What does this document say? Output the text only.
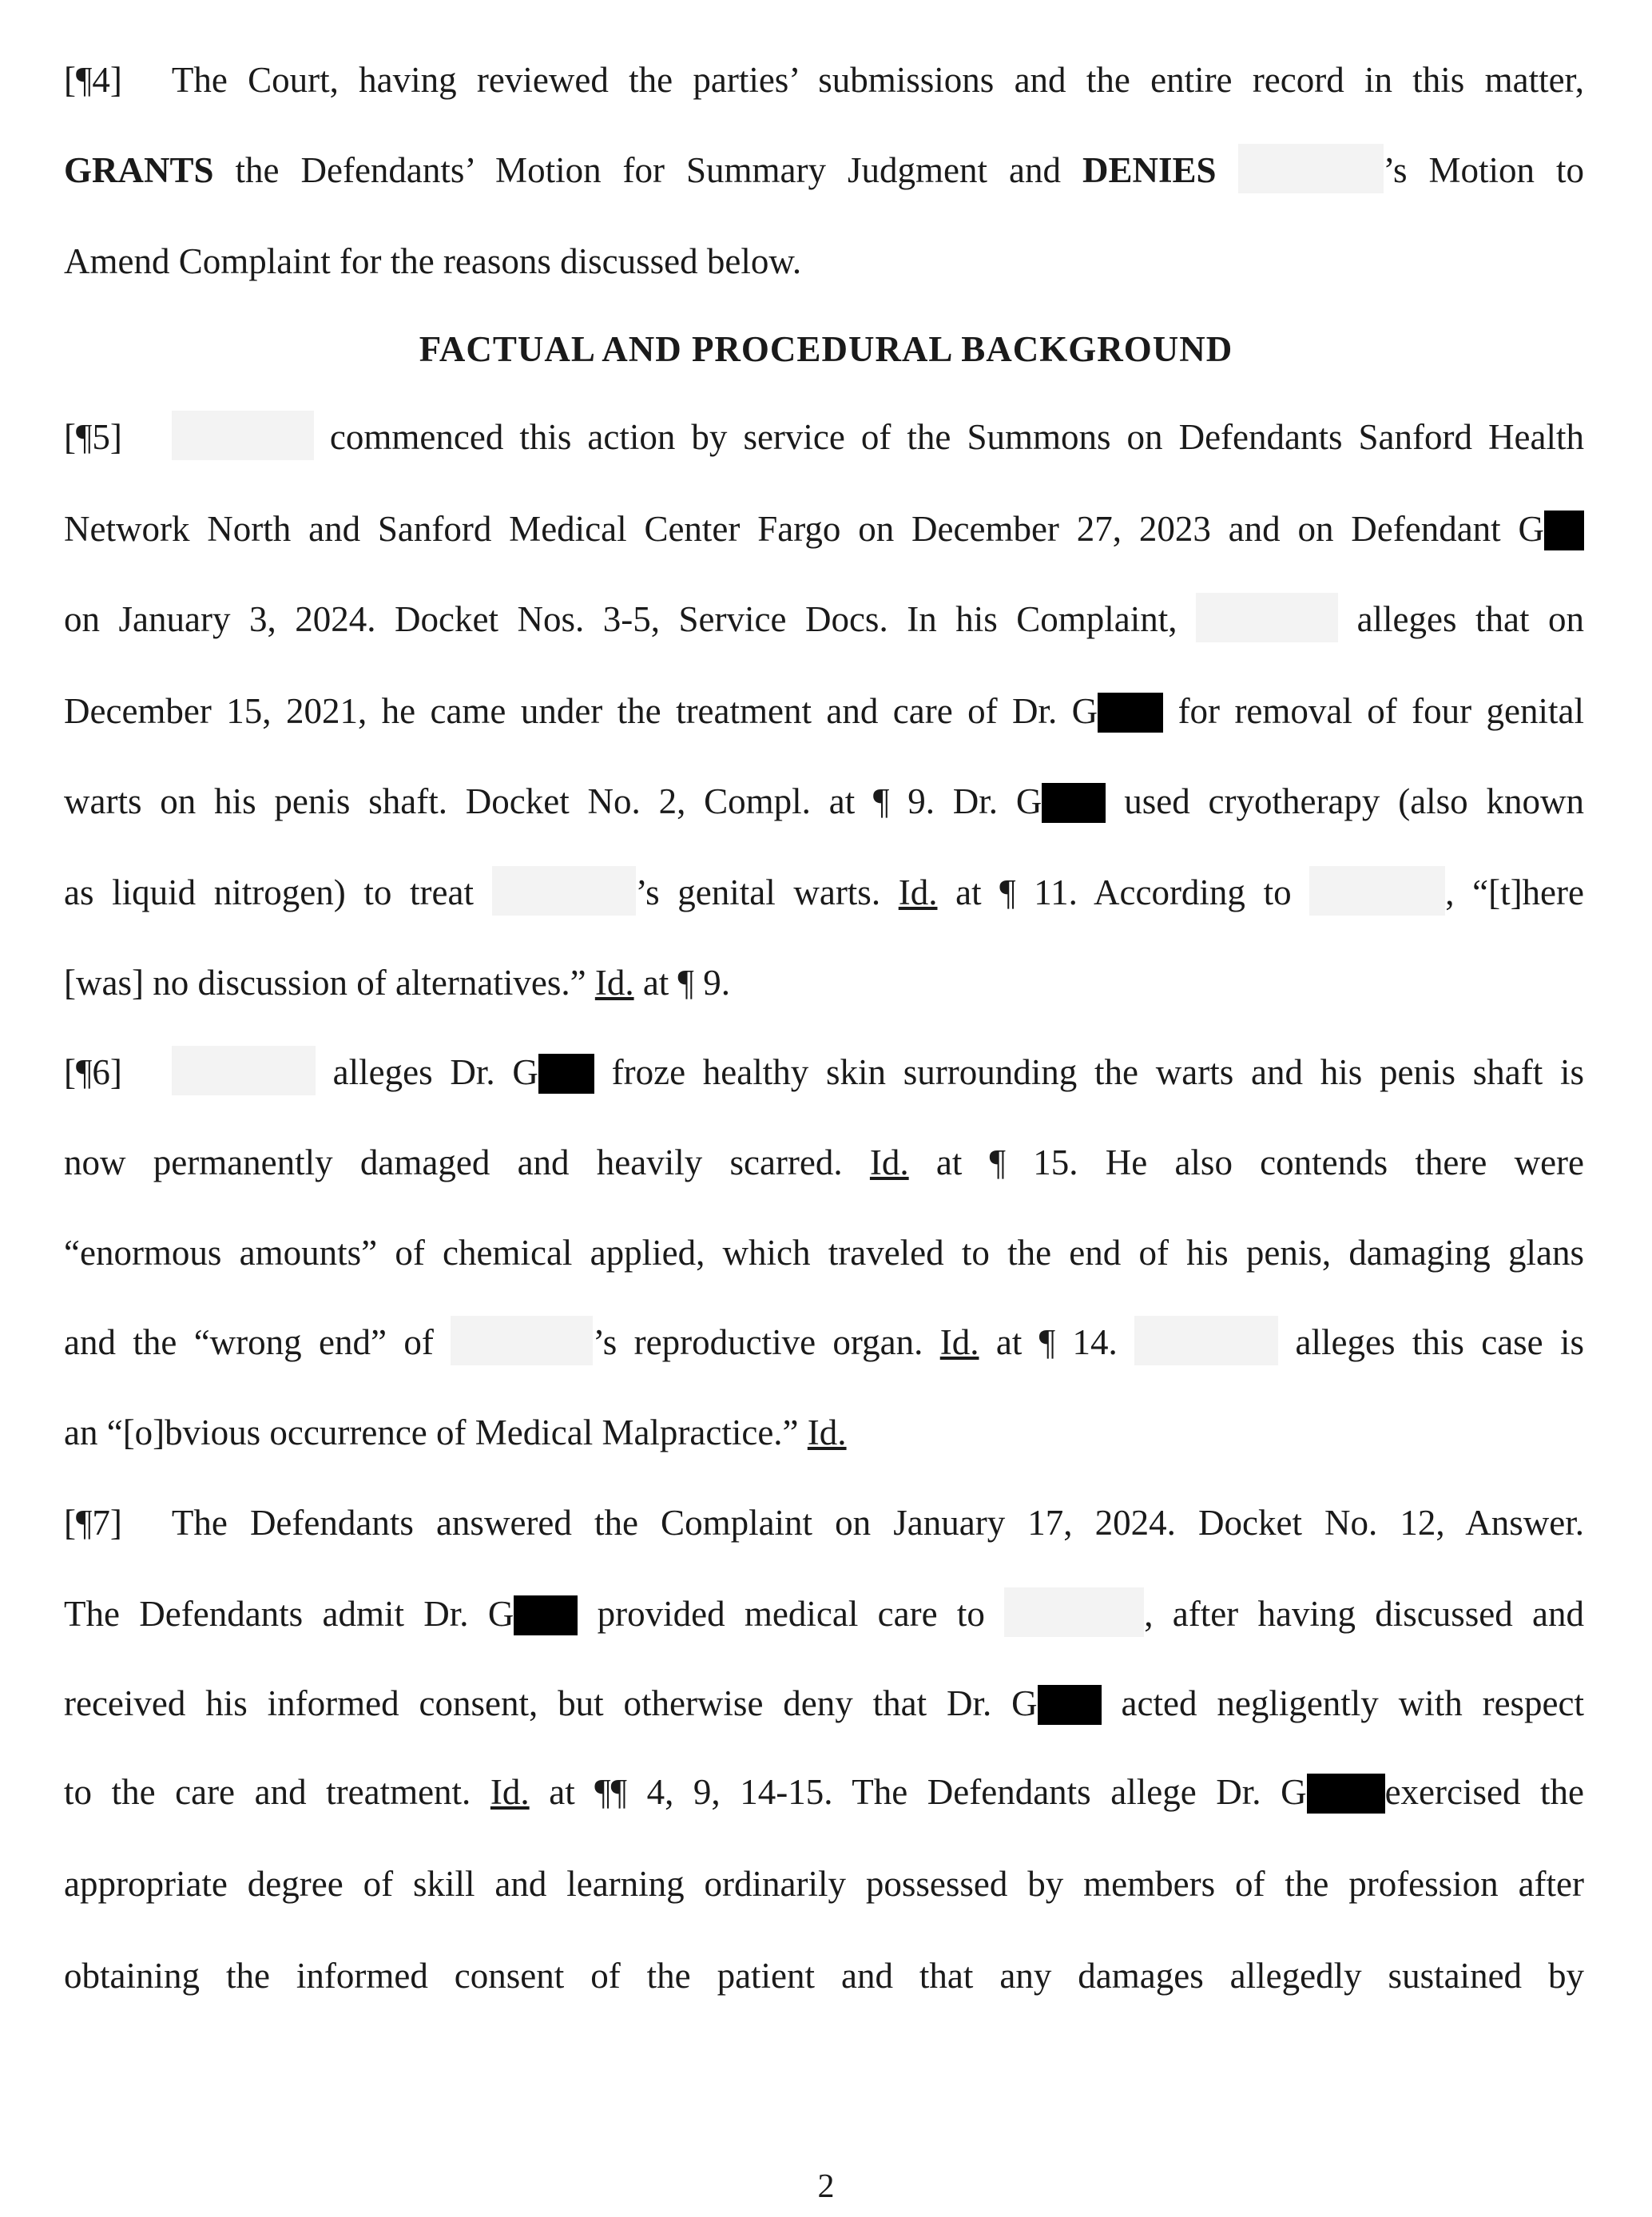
[¶4] The Court, having reviewed the parties’ submissions and the entire record in this matter,
GRANTS the Defendants’ Motion for Summary Judgment and DENIES	’s Motion to
Amend Complaint for the reasons discussed below.
FACTUAL AND PROCEDURAL BACKGROUND
[¶5]	commenced this action by service of the Summons on Defendants Sanford Health
Network North and Sanford Medical Center Fargo on December 27, 2023 and on Defendant G
on January 3, 2024. Docket Nos. 3-5, Service Docs. In his Complaint,	alleges that on
December 15, 2021, he came under the treatment and care of Dr. G for removal of four genital
warts on his penis shaft. Docket No. 2, Compl. at ¶ 9. Dr. G used cryotherapy (also known
as liquid nitrogen) to treat	’s genital warts. Id. at ¶ 11. According to	, “[t]here
[was] no discussion of alternatives.” Id. at ¶ 9.
[¶6]	alleges Dr. G froze healthy skin surrounding the warts and his penis shaft is
now permanently damaged and heavily scarred. Id. at ¶ 15. He also contends there were
“enormous amounts” of chemical applied, which traveled to the end of his penis, damaging glans
and the “wrong end” of	’s reproductive organ. Id. at ¶ 14.	alleges this case is
an “[o]bvious occurrence of Medical Malpractice.” Id.
[¶7] The Defendants answered the Complaint on January 17, 2024. Docket No. 12, Answer.
The Defendants admit Dr. G provided medical care to	, after having discussed and
received his informed consent, but otherwise deny that Dr. G acted negligently with respect
to the care and treatment. Id. at ¶¶ 4, 9, 14-15. The Defendants allege Dr. G exercised the
appropriate degree of skill and learning ordinarily possessed by members of the profession after
obtaining the informed consent of the patient and that any damages allegedly sustained by
2
